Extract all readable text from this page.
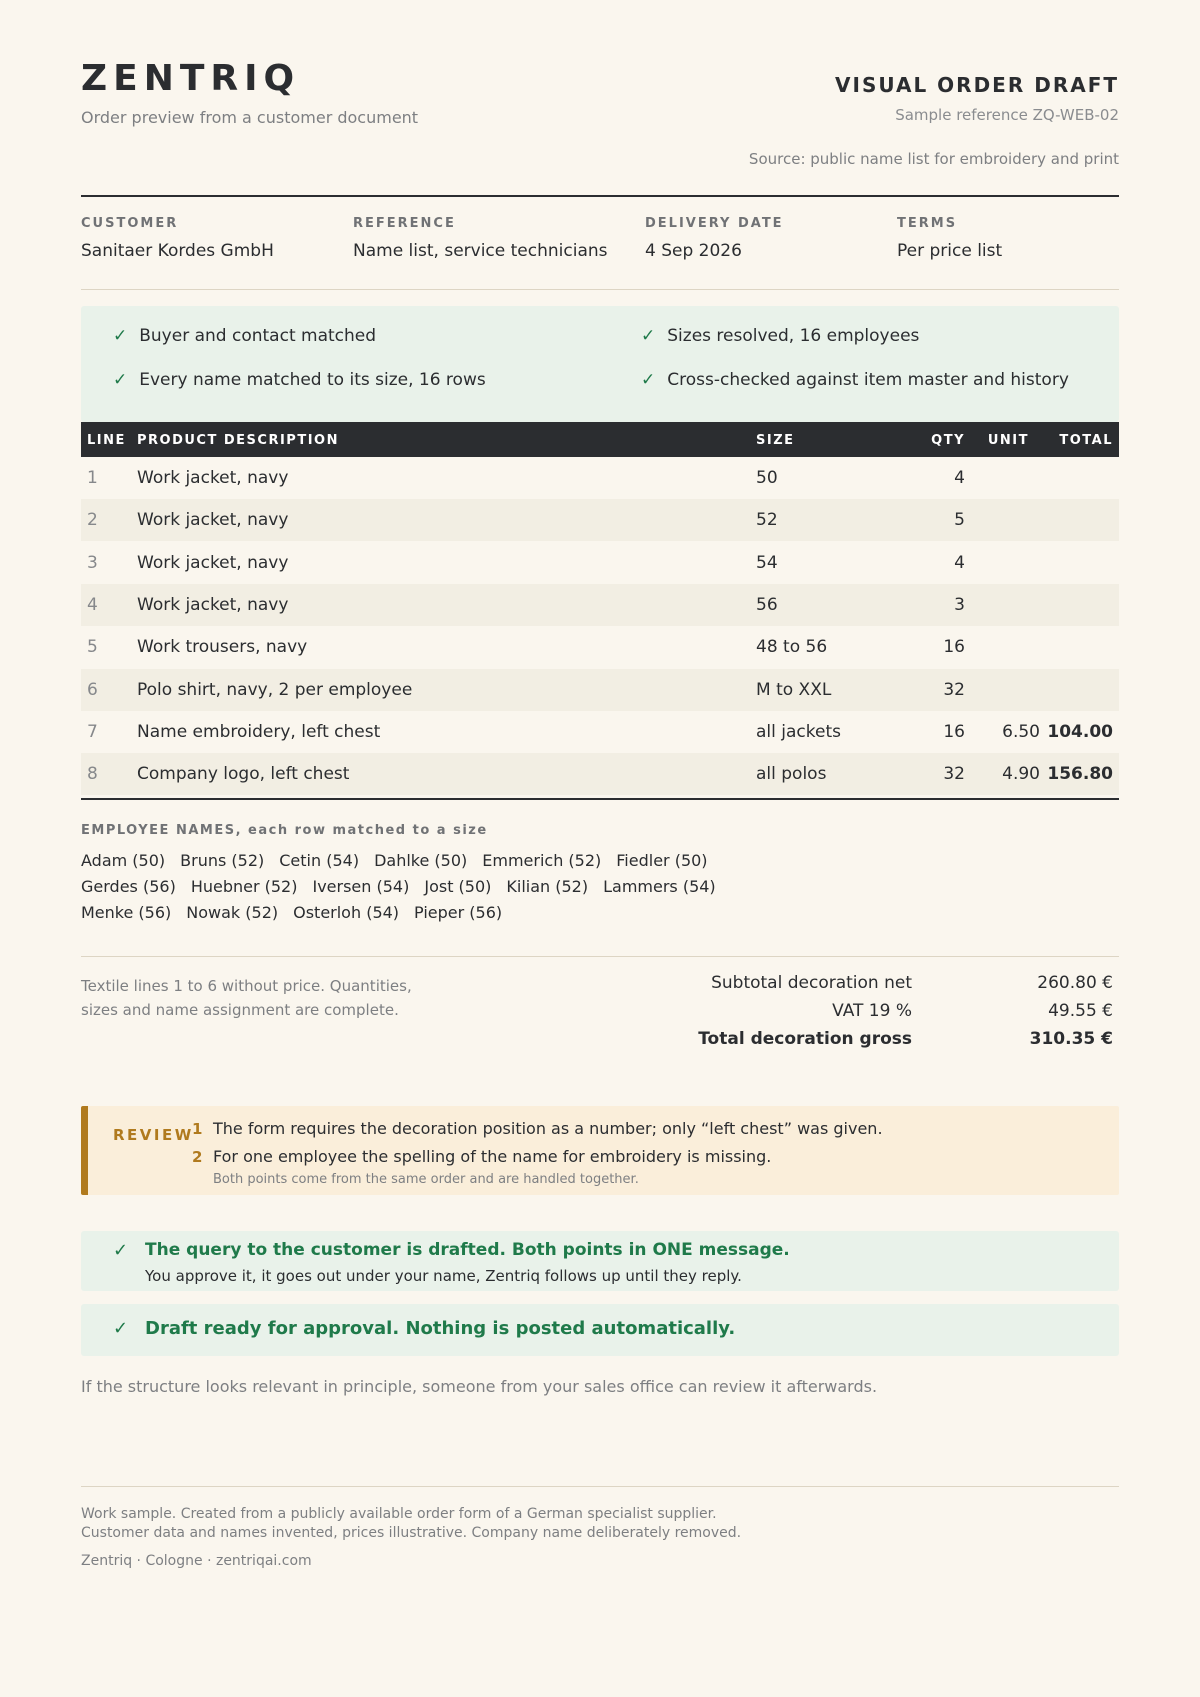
ZENTRIQ
Order preview from a customer document
VISUAL ORDER DRAFT
Sample reference ZQ-WEB-02
Source: public name list for embroidery and print
CUSTOMER
Sanitaer Kordes GmbH
REFERENCE
Name list, service technicians
DELIVERY DATE
4 Sep 2026
TERMS
Per price list
✓ Buyer and contact matched	✓ Sizes resolved, 16 employees
✓ Every name matched to its size, 16 rows	✓ Cross-checked against item master and history
LINE PRODUCT DESCRIPTION	SIZE	QTY UNIT TOTAL
1 Work jacket, navy	50	4
2 Work jacket, navy	52	5
3 Work jacket, navy	54	4
4 Work jacket, navy	56	3
5 Work trousers, navy	48 to 56	16
6 Polo shirt, navy, 2 per employee	M to XXL	32
7 Name embroidery, left chest	all jackets	16 6.50 104.00
8 Company logo, left chest	all polos	32 4.90 156.80
EMPLOYEE NAMES, each row matched to a size
Adam (50) Bruns (52) Cetin (54) Dahlke (50) Emmerich (52) Fiedler (50)
Gerdes (56) Huebner (52) Iversen (54) Jost (50) Kilian (52) Lammers (54)
Menke (56) Nowak (52) Osterloh (54) Pieper (56)
Textile lines 1 to 6 without price. Quantities, sizes and name assignment are complete.
Subtotal decoration net	260.80 €
VAT 19 %	49.55 €
Total decoration gross	310.35 €
REVIEW
1 The form requires the decoration position as a number; only “left chest” was given.
2 For one employee the spelling of the name for embroidery is missing.
Both points come from the same order and are handled together.
✓ The query to the customer is drafted. Both points in ONE message.
You approve it, it goes out under your name, Zentriq follows up until they reply.
✓ Draft ready for approval. Nothing is posted automatically.
If the structure looks relevant in principle, someone from your sales office can review it afterwards.
Work sample. Created from a publicly available order form of a German specialist supplier.
Customer data and names invented, prices illustrative. Company name deliberately removed.
Zentriq · Cologne · zentriqai.com
